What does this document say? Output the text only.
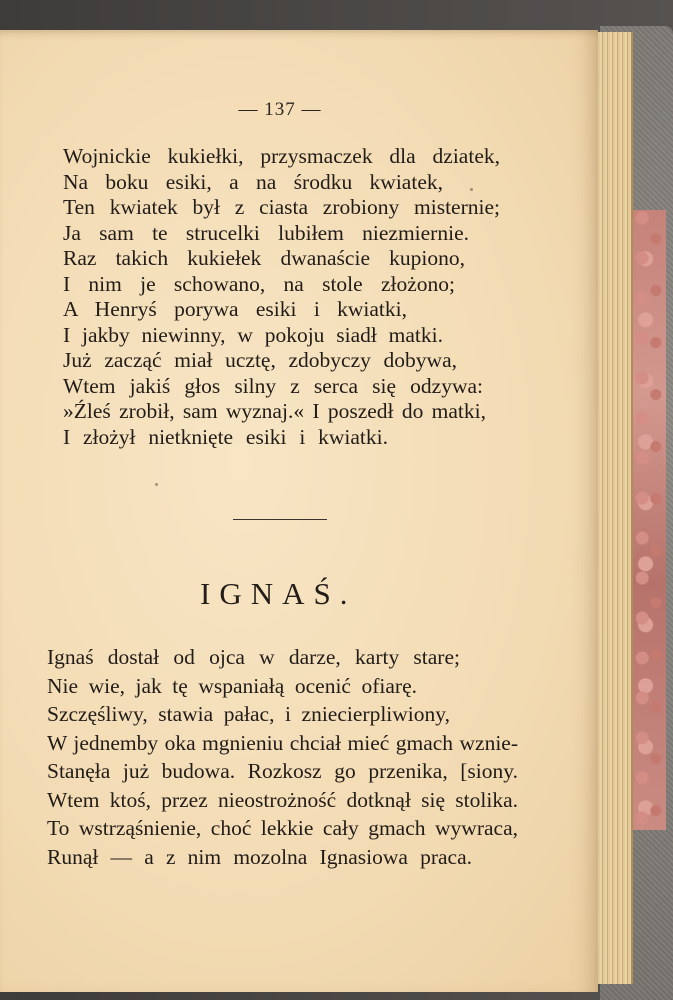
— 137 —
Wojnickie kukiełki, przysmaczek dla dziatek,
Na boku esiki, a na środku kwiatek,
Ten kwiatek był z ciasta zrobiony misternie;
Ja sam te strucelki lubiłem niezmiernie.
Raz takich kukiełek dwanaście kupiono,
I nim je schowano, na stole złożono;
A Henryś porywa esiki i kwiatki,
I jakby niewinny, w pokoju siadł matki.
Już zacząć miał ucztę, zdobyczy dobywa,
Wtem jakiś głos silny z serca się odzywa:
»Źleś zrobił, sam wyznaj.« I poszedł do matki,
I złożył nietknięte esiki i kwiatki.
IGNAŚ.
Ignaś dostał od ojca w darze, karty stare;
Nie wie, jak tę wspaniałą ocenić ofiarę.
Szczęśliwy, stawia pałac, i zniecierpliwiony,
W jednemby oka mgnieniu chciał mieć gmach wznie-
Stanęła już budowa. Rozkosz go przenika, [siony.
Wtem ktoś, przez nieostrożność dotknął się stolika.
To wstrząśnienie, choć lekkie cały gmach wywraca,
Runął — a z nim mozolna Ignasiowa praca.
